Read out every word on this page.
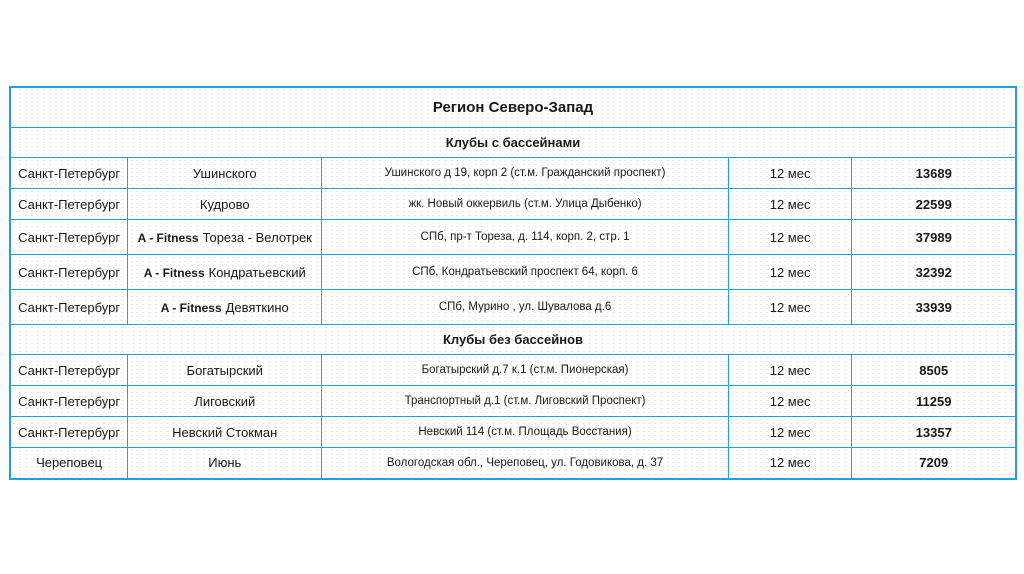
Регион Северо-Запад				
Клубы с бассейнами				
Санкт-Петербург	Ушинского	Ушинского д 19, корп 2 (ст.м. Гражданский проспект)	12 мес	13689
Санкт-Петербург	Кудрово	жк. Новый оккервиль (ст.м. Улица Дыбенко)	12 мес	22599
Санкт-Петербург	A - Fitness Тореза - Велотрек	СПб, пр-т Тореза, д. 114, корп. 2, стр. 1	12 мес	37989
Санкт-Петербург	A - Fitness Кондратьевский	СПб, Кондратьевский проспект 64, корп. 6	12 мес	32392
Санкт-Петербург	A - Fitness Девяткино	СПб, Мурино , ул. Шувалова д.6	12 мес	33939
Клубы без бассейнов				
Санкт-Петербург	Богатырский	Богатырский д.7 к.1 (ст.м. Пионерская)	12 мес	8505
Санкт-Петербург	Лиговский	Транспортный д.1 (ст.м. Лиговский Проспект)	12 мес	11259
Санкт-Петербург	Невский Стокман	Невский 114 (ст.м. Площадь Восстания)	12 мес	13357
Череповец	Июнь	Вологодская обл., Череповец, ул. Годовикова, д. 37	12 мес	7209
